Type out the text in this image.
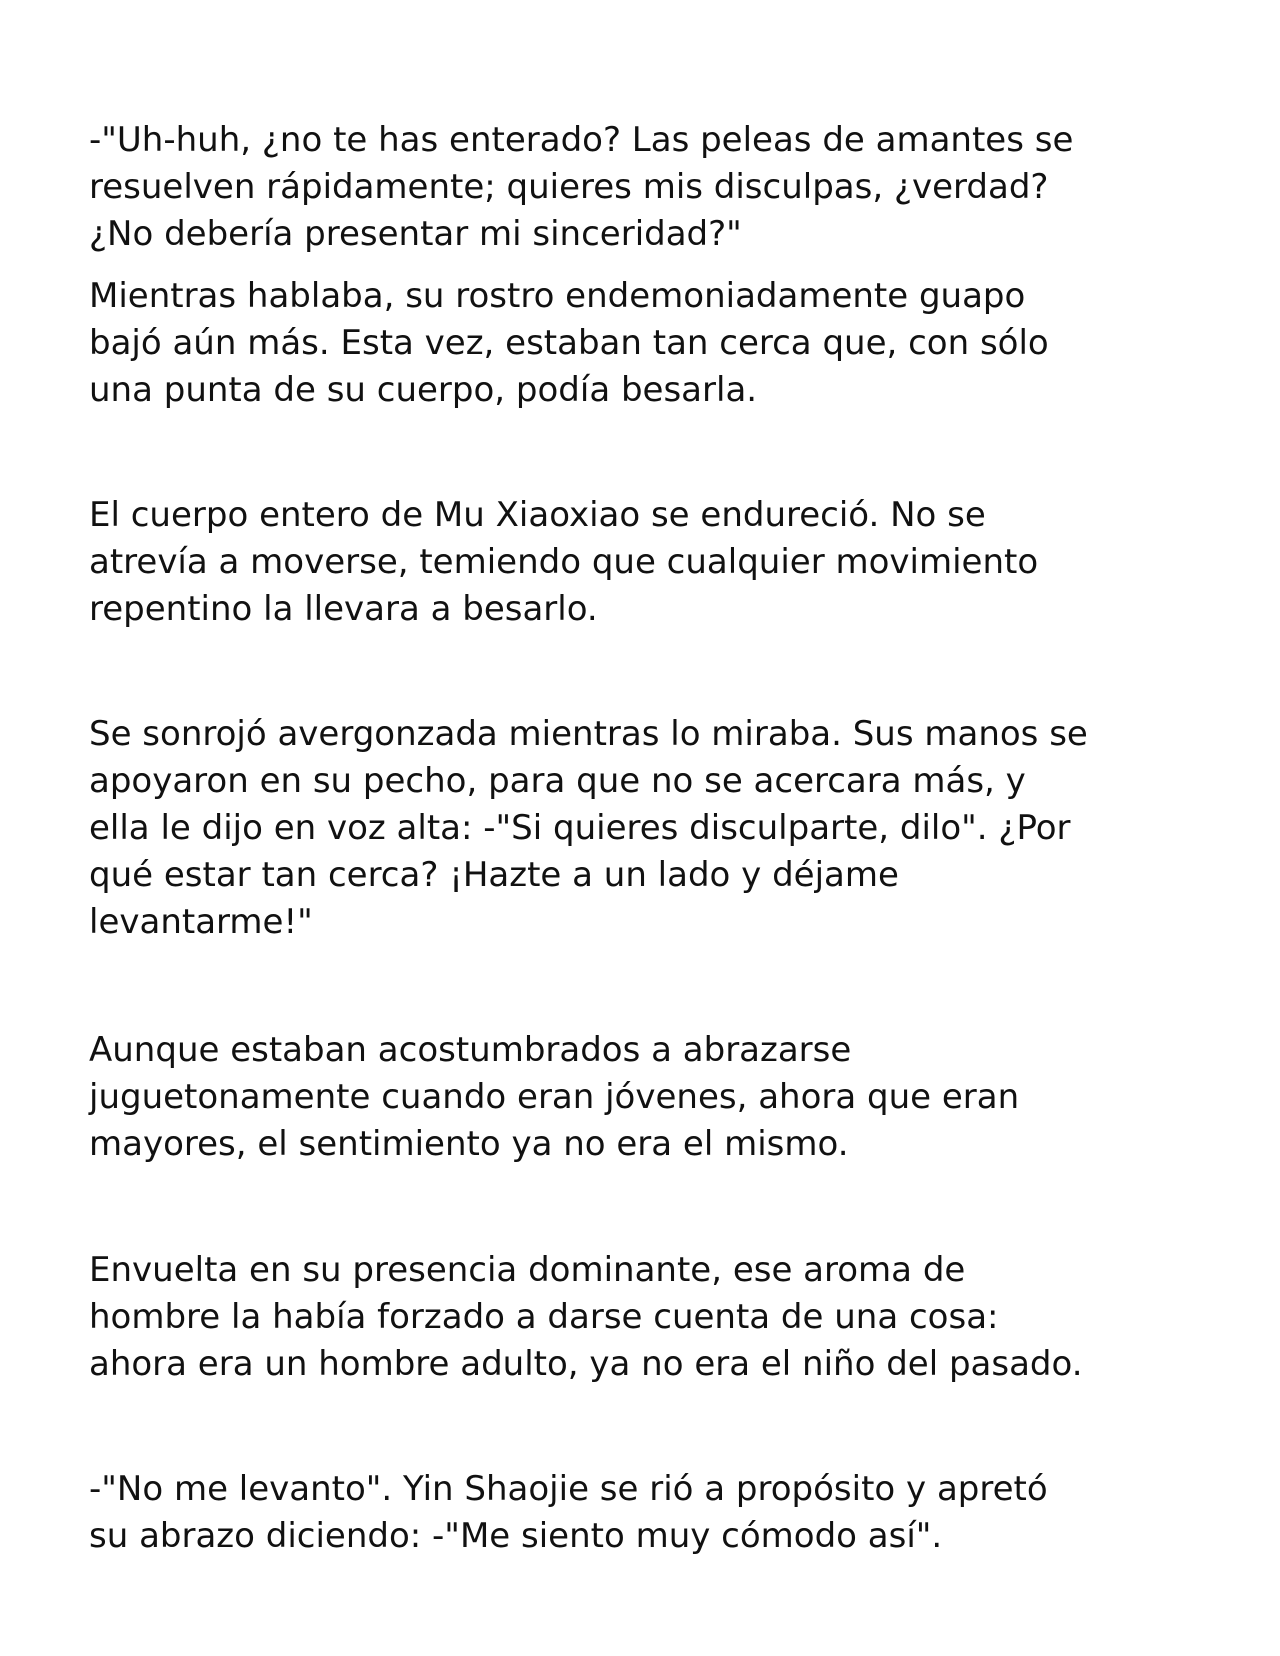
-"Uh-huh, ¿no te has enterado? Las peleas de amantes se
resuelven rápidamente; quieres mis disculpas, ¿verdad?
¿No debería presentar mi sinceridad?"

Mientras hablaba, su rostro endemoniadamente guapo
bajó aún más. Esta vez, estaban tan cerca que, con sólo
una punta de su cuerpo, podía besarla.

El cuerpo entero de Mu Xiaoxiao se endureció. No se
atrevía a moverse, temiendo que cualquier movimiento
repentino la llevara a besarlo.

Se sonrojó avergonzada mientras lo miraba. Sus manos se
apoyaron en su pecho, para que no se acercara más, y
ella le dijo en voz alta: -"Si quieres disculparte, dilo". ¿Por
qué estar tan cerca? ¡Hazte a un lado y déjame
levantarme!"

Aunque estaban acostumbrados a abrazarse
juguetonamente cuando eran jóvenes, ahora que eran
mayores, el sentimiento ya no era el mismo.

Envuelta en su presencia dominante, ese aroma de
hombre la había forzado a darse cuenta de una cosa:
ahora era un hombre adulto, ya no era el niño del pasado.

-"No me levanto". Yin Shaojie se rió a propósito y apretó
su abrazo diciendo: -"Me siento muy cómodo así".
